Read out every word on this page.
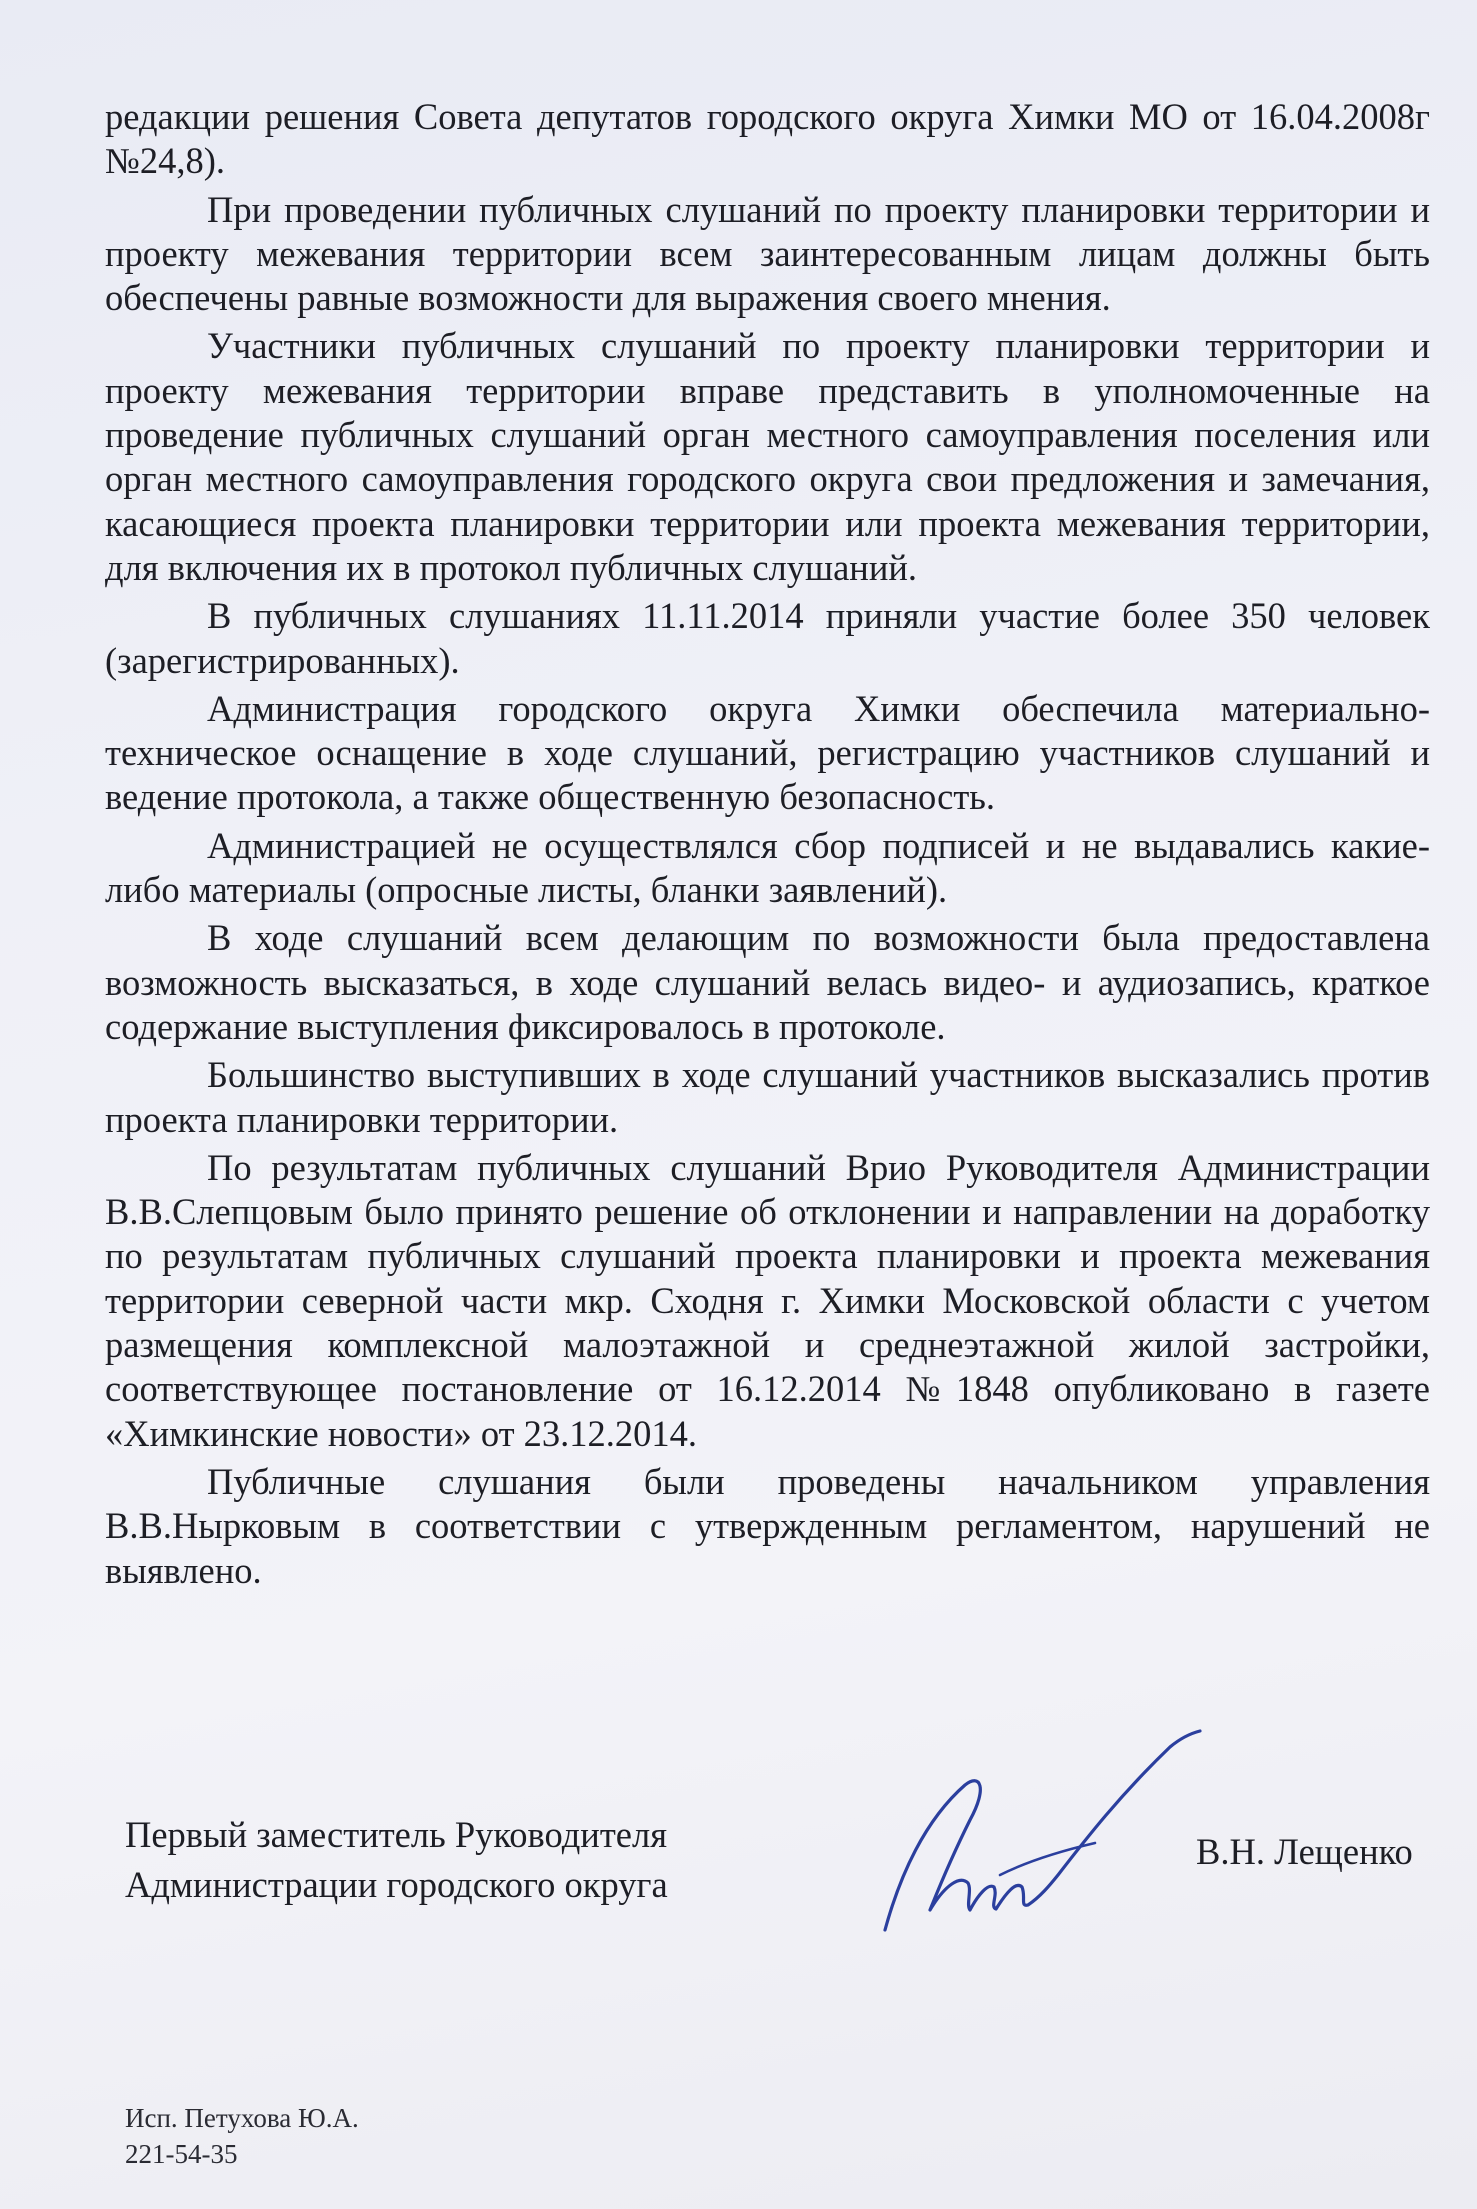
редакции решения Совета депутатов городского округа Химки МО от 16.04.2008г №24,8).

При проведении публичных слушаний по проекту планировки территории и проекту межевания территории всем заинтересованным лицам должны быть обеспечены равные возможности для выражения своего мнения.

Участники публичных слушаний по проекту планировки территории и проекту межевания территории вправе представить в уполномоченные на проведение публичных слушаний орган местного самоуправления поселения или орган местного самоуправления городского округа свои предложения и замечания, касающиеся проекта планировки территории или проекта межевания территории, для включения их в протокол публичных слушаний.

В публичных слушаниях 11.11.2014 приняли участие более 350 человек (зарегистрированных).

Администрация городского округа Химки обеспечила материально-техническое оснащение в ходе слушаний, регистрацию участников слушаний и ведение протокола, а также общественную безопасность.

Администрацией не осуществлялся сбор подписей и не выдавались какие-либо материалы (опросные листы, бланки заявлений).

В ходе слушаний всем делающим по возможности была предоставлена возможность высказаться, в ходе слушаний велась видео- и аудиозапись, краткое содержание выступления фиксировалось в протоколе.

Большинство выступивших в ходе слушаний участников высказались против проекта планировки территории.

По результатам публичных слушаний Врио Руководителя Администрации В.В.Слепцовым было принято решение об отклонении и направлении на доработку по результатам публичных слушаний проекта планировки и проекта межевания территории северной части мкр. Сходня г. Химки Московской области с учетом размещения комплексной малоэтажной и среднеэтажной жилой застройки, соответствующее постановление от 16.12.2014 №1848 опубликовано в газете «Химкинские новости» от 23.12.2014.

Публичные слушания были проведены начальником управления В.В.Нырковым в соответствии с утвержденным регламентом, нарушений не выявлено.

Первый заместитель Руководителя
Администрации городского округа
В.Н. Лещенко
Исп. Петухова Ю.А.
221-54-35
